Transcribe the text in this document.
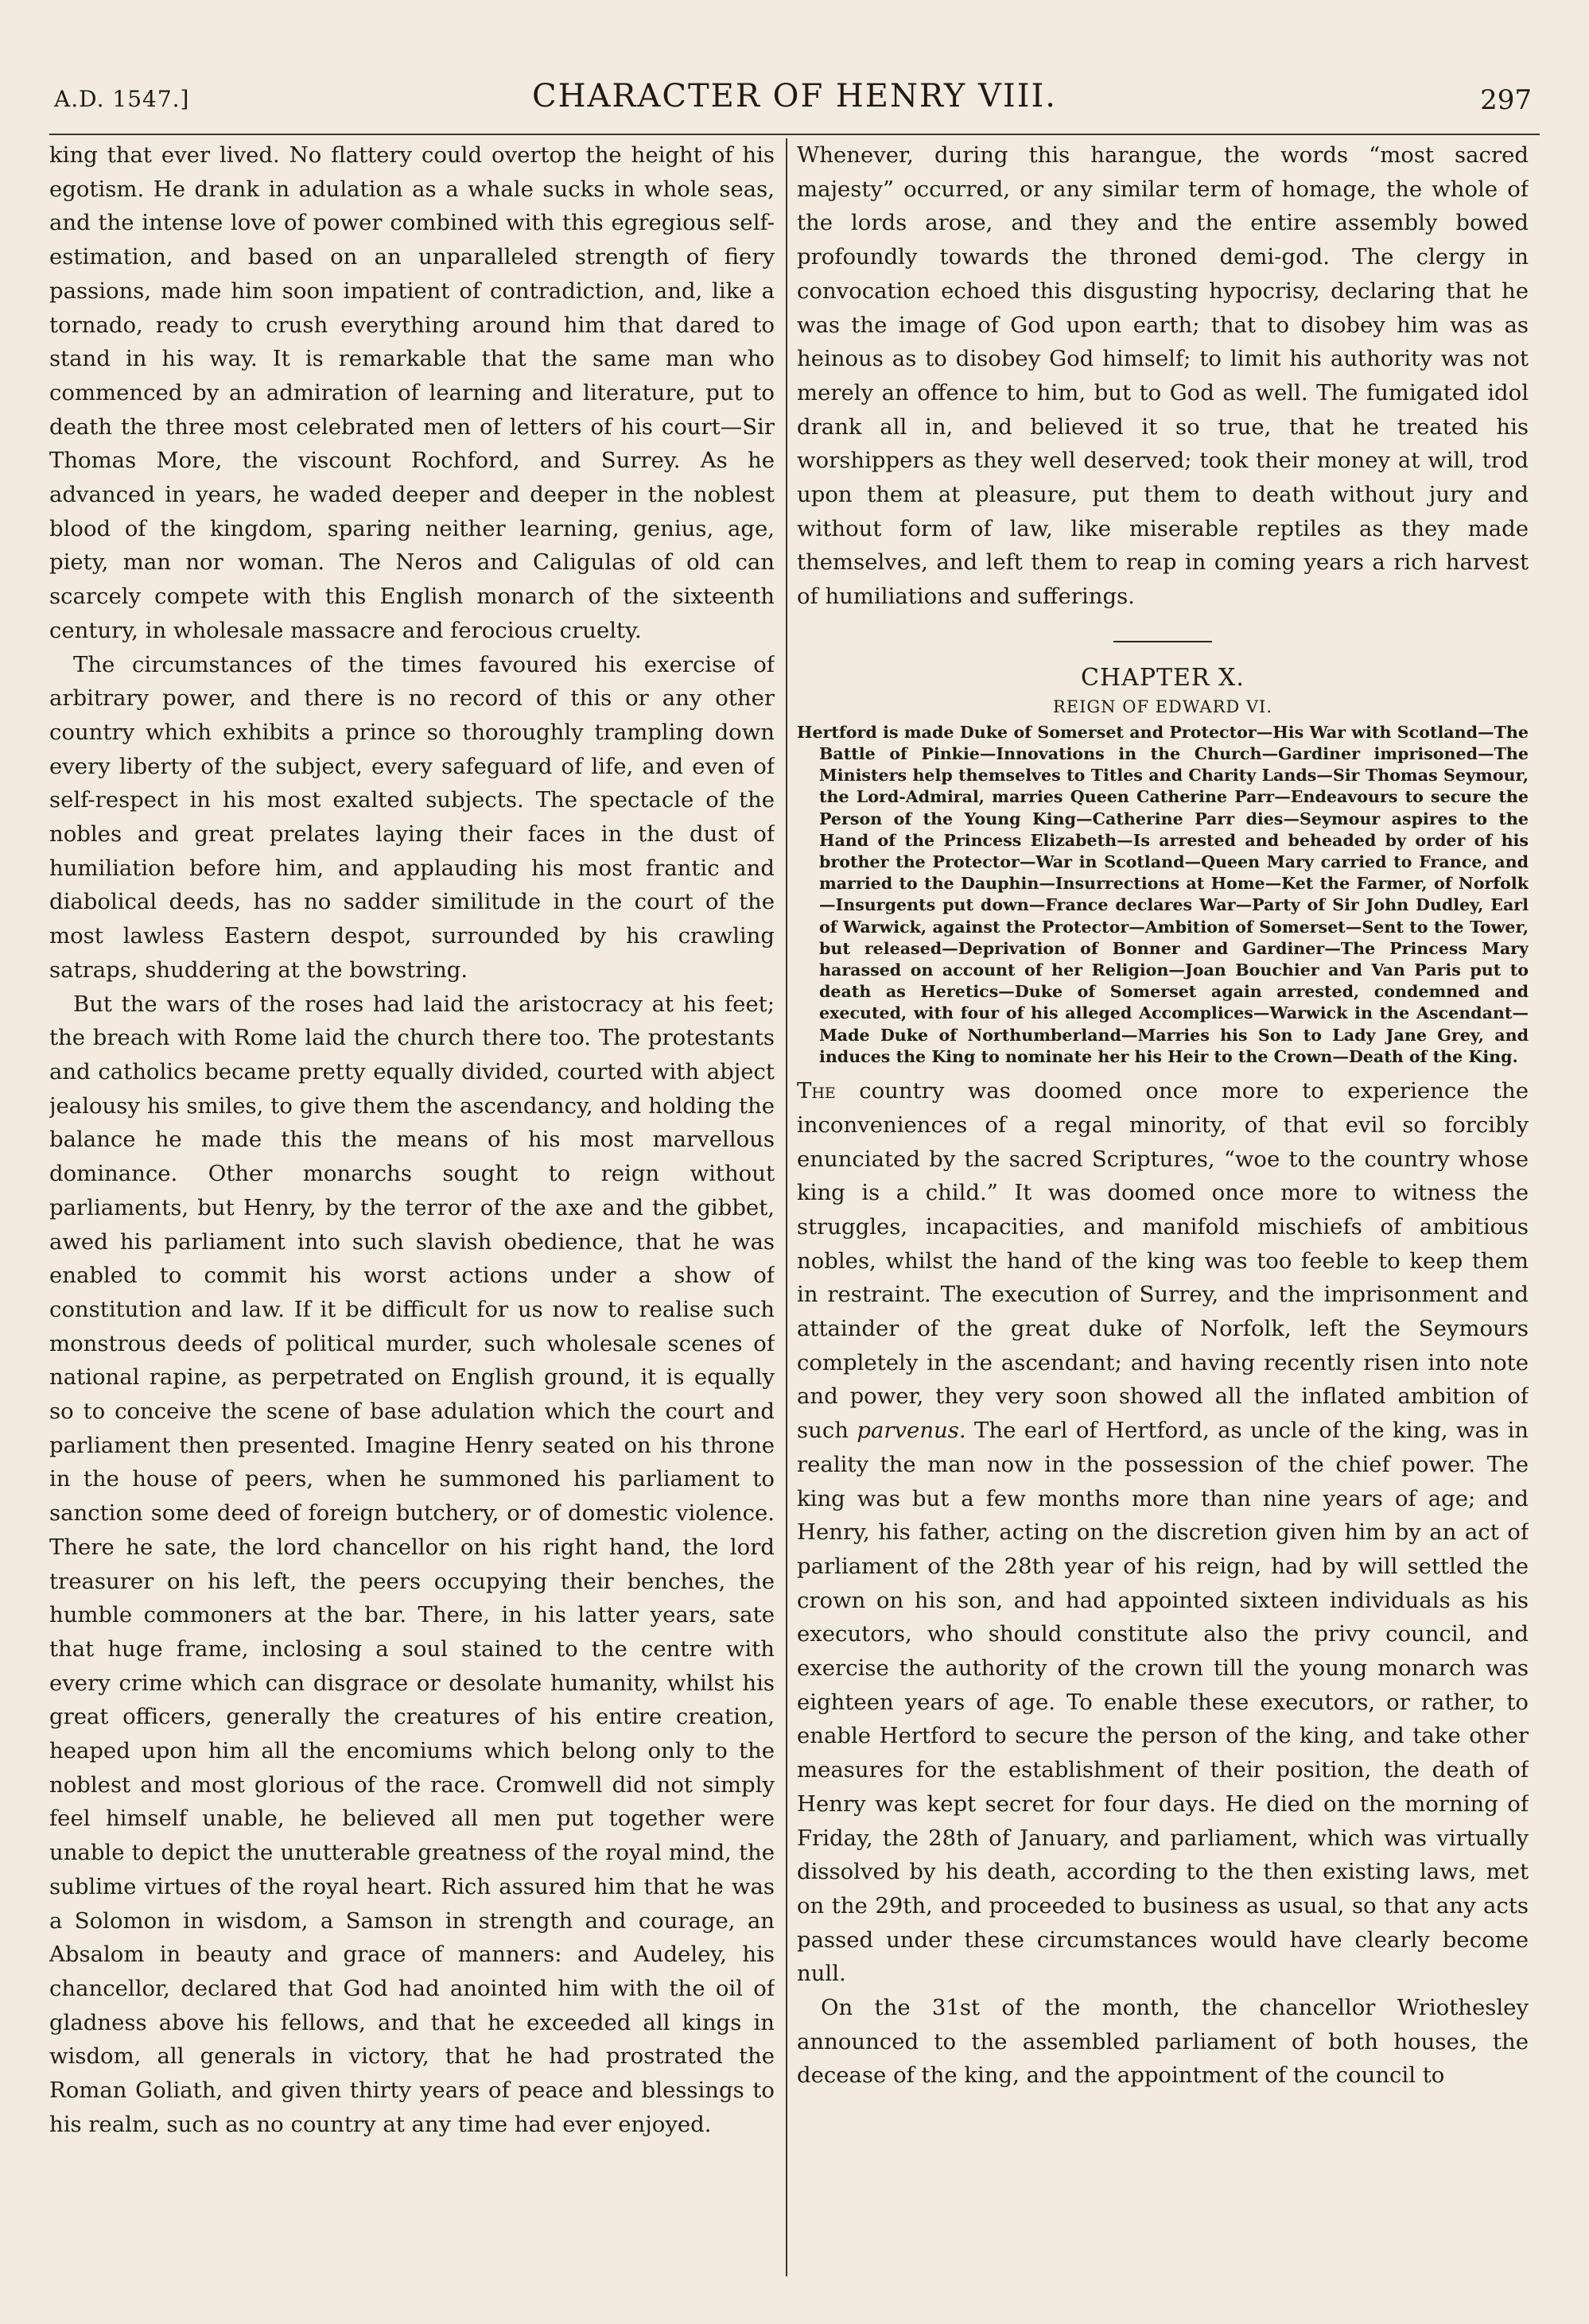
A.D. 1547.]	CHARACTER OF HENRY VIII.	297

king that ever lived. No flattery could overtop the height of his egotism. He drank in adulation as a whale sucks in whole seas, and the intense love of power combined with this egregious self-estimation, and based on an unparalleled strength of fiery passions, made him soon impatient of contradiction, and, like a tornado, ready to crush everything around him that dared to stand in his way. It is remarkable that the same man who commenced by an admiration of learning and literature, put to death the three most celebrated men of letters of his court—Sir Thomas More, the viscount Rochford, and Surrey. As he advanced in years, he waded deeper and deeper in the noblest blood of the kingdom, sparing neither learning, genius, age, piety, man nor woman. The Neros and Caligulas of old can scarcely compete with this English monarch of the sixteenth century, in wholesale massacre and ferocious cruelty.

The circumstances of the times favoured his exercise of arbitrary power, and there is no record of this or any other country which exhibits a prince so thoroughly trampling down every liberty of the subject, every safeguard of life, and even of self-respect in his most exalted subjects. The spectacle of the nobles and great prelates laying their faces in the dust of humiliation before him, and applauding his most frantic and diabolical deeds, has no sadder similitude in the court of the most lawless Eastern despot, surrounded by his crawling satraps, shuddering at the bowstring.

But the wars of the roses had laid the aristocracy at his feet; the breach with Rome laid the church there too. The protestants and catholics became pretty equally divided, courted with abject jealousy his smiles, to give them the ascendancy, and holding the balance he made this the means of his most marvellous dominance. Other monarchs sought to reign without parliaments, but Henry, by the terror of the axe and the gibbet, awed his parliament into such slavish obedience, that he was enabled to commit his worst actions under a show of constitution and law. If it be difficult for us now to realise such monstrous deeds of political murder, such wholesale scenes of national rapine, as perpetrated on English ground, it is equally so to conceive the scene of base adulation which the court and parliament then presented. Imagine Henry seated on his throne in the house of peers, when he summoned his parliament to sanction some deed of foreign butchery, or of domestic violence. There he sate, the lord chancellor on his right hand, the lord treasurer on his left, the peers occupying their benches, the humble commoners at the bar. There, in his latter years, sate that huge frame, inclosing a soul stained to the centre with every crime which can disgrace or desolate humanity, whilst his great officers, generally the creatures of his entire creation, heaped upon him all the encomiums which belong only to the noblest and most glorious of the race. Cromwell did not simply feel himself unable, he believed all men put together were unable to depict the unutterable greatness of the royal mind, the sublime virtues of the royal heart. Rich assured him that he was a Solomon in wisdom, a Samson in strength and courage, an Absalom in beauty and grace of manners: and Audeley, his chancellor, declared that God had anointed him with the oil of gladness above his fellows, and that he exceeded all kings in wisdom, all generals in victory, that he had prostrated the Roman Goliath, and given thirty years of peace and blessings to his realm, such as no country at any time had ever enjoyed.

Whenever, during this harangue, the words “most sacred majesty” occurred, or any similar term of homage, the whole of the lords arose, and they and the entire assembly bowed profoundly towards the throned demi-god. The clergy in convocation echoed this disgusting hypocrisy, declaring that he was the image of God upon earth; that to disobey him was as heinous as to disobey God himself; to limit his authority was not merely an offence to him, but to God as well. The fumigated idol drank all in, and believed it so true, that he treated his worshippers as they well deserved; took their money at will, trod upon them at pleasure, put them to death without jury and without form of law, like miserable reptiles as they made themselves, and left them to reap in coming years a rich harvest of humiliations and sufferings.

CHAPTER X.
REIGN OF EDWARD VI.
Hertford is made Duke of Somerset and Protector—His War with Scotland—The Battle of Pinkie—Innovations in the Church—Gardiner imprisoned—The Ministers help themselves to Titles and Charity Lands—Sir Thomas Seymour, the Lord-Admiral, marries Queen Catherine Parr—Endeavours to secure the Person of the Young King—Catherine Parr dies—Seymour aspires to the Hand of the Princess Elizabeth—Is arrested and beheaded by order of his brother the Protector—War in Scotland—Queen Mary carried to France, and married to the Dauphin—Insurrections at Home—Ket the Farmer, of Norfolk—Insurgents put down—France declares War—Party of Sir John Dudley, Earl of Warwick, against the Protector—Ambition of Somerset—Sent to the Tower, but released—Deprivation of Bonner and Gardiner—The Princess Mary harassed on account of her Religion—Joan Bouchier and Van Paris put to death as Heretics—Duke of Somerset again arrested, condemned and executed, with four of his alleged Accomplices—Warwick in the Ascendant—Made Duke of Northumberland—Marries his Son to Lady Jane Grey, and induces the King to nominate her his Heir to the Crown—Death of the King.

The country was doomed once more to experience the inconveniences of a regal minority, of that evil so forcibly enunciated by the sacred Scriptures, “woe to the country whose king is a child.” It was doomed once more to witness the struggles, incapacities, and manifold mischiefs of ambitious nobles, whilst the hand of the king was too feeble to keep them in restraint. The execution of Surrey, and the imprisonment and attainder of the great duke of Norfolk, left the Seymours completely in the ascendant; and having recently risen into note and power, they very soon showed all the inflated ambition of such parvenus. The earl of Hertford, as uncle of the king, was in reality the man now in the possession of the chief power. The king was but a few months more than nine years of age; and Henry, his father, acting on the discretion given him by an act of parliament of the 28th year of his reign, had by will settled the crown on his son, and had appointed sixteen individuals as his executors, who should constitute also the privy council, and exercise the authority of the crown till the young monarch was eighteen years of age. To enable these executors, or rather, to enable Hertford to secure the person of the king, and take other measures for the establishment of their position, the death of Henry was kept secret for four days. He died on the morning of Friday, the 28th of January, and parliament, which was virtually dissolved by his death, according to the then existing laws, met on the 29th, and proceeded to business as usual, so that any acts passed under these circumstances would have clearly become null.

On the 31st of the month, the chancellor Wriothesley announced to the assembled parliament of both houses, the decease of the king, and the appointment of the council to
